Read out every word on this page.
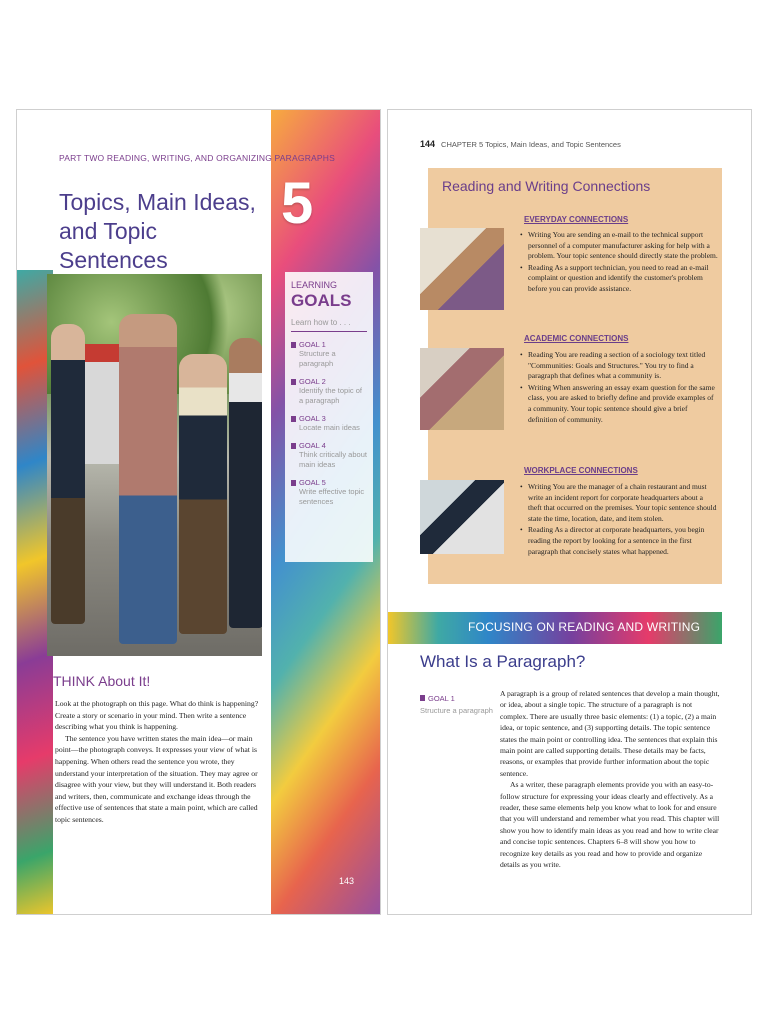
5
PART TWO READING, WRITING, AND ORGANIZING PARAGRAPHS
Topics, Main Ideas, and Topic Sentences
LEARNING
GOALS
Learn how to . . .
GOAL 1
Structure a paragraph
GOAL 2
Identify the topic of a paragraph
GOAL 3
Locate main ideas
GOAL 4
Think critically about main ideas
GOAL 5
Write effective topic sentences
THINK About It!

Look at the photograph on this page. What do think is happening? Create a story or scenario in your mind. Then write a sentence describing what you think is happening.

The sentence you have written states the main idea—or main point—the photograph conveys. It expresses your view of what is happening. When others read the sentence you wrote, they understand your interpretation of the situation. They may agree or disagree with your view, but they will understand it. Both readers and writers, then, communicate and exchange ideas through the effective use of sentences that state a main point, which are called topic sentences.

143
144 CHAPTER 5 Topics, Main Ideas, and Topic Sentences
Reading and Writing Connections
EVERYDAY CONNECTIONS
• Writing You are sending an e-mail to the technical support personnel of a computer manufacturer asking for help with a problem. Your topic sentence should directly state the problem.
• Reading As a support technician, you need to read an e-mail complaint or question and identify the customer's problem before you can provide assistance.
ACADEMIC CONNECTIONS
• Reading You are reading a section of a sociology text titled "Communities: Goals and Structures." You try to find a paragraph that defines what a community is.
• Writing When answering an essay exam question for the same class, you are asked to briefly define and provide examples of a community. Your topic sentence should give a brief definition of community.
WORKPLACE CONNECTIONS
• Writing You are the manager of a chain restaurant and must write an incident report for corporate headquarters about a theft that occurred on the premises. Your topic sentence should state the time, location, date, and item stolen.
• Reading As a director at corporate headquarters, you begin reading the report by looking for a sentence in the first paragraph that concisely states what happened.
FOCUSING ON READING AND WRITING
What Is a Paragraph?
GOAL 1
Structure a paragraph

A paragraph is a group of related sentences that develop a main thought, or idea, about a single topic. The structure of a paragraph is not complex. There are usually three basic elements: (1) a topic, (2) a main idea, or topic sentence, and (3) supporting details. The topic sentence states the main point or controlling idea. The sentences that explain this main point are called supporting details. These details may be facts, reasons, or examples that provide further information about the topic sentence.

As a writer, these paragraph elements provide you with an easy-to-follow structure for expressing your ideas clearly and effectively. As a reader, these same elements help you know what to look for and ensure that you will understand and remember what you read. This chapter will show you how to identify main ideas as you read and how to write clear and concise topic sentences. Chapters 6–8 will show you how to recognize key details as you read and how to provide and organize details as you write.
